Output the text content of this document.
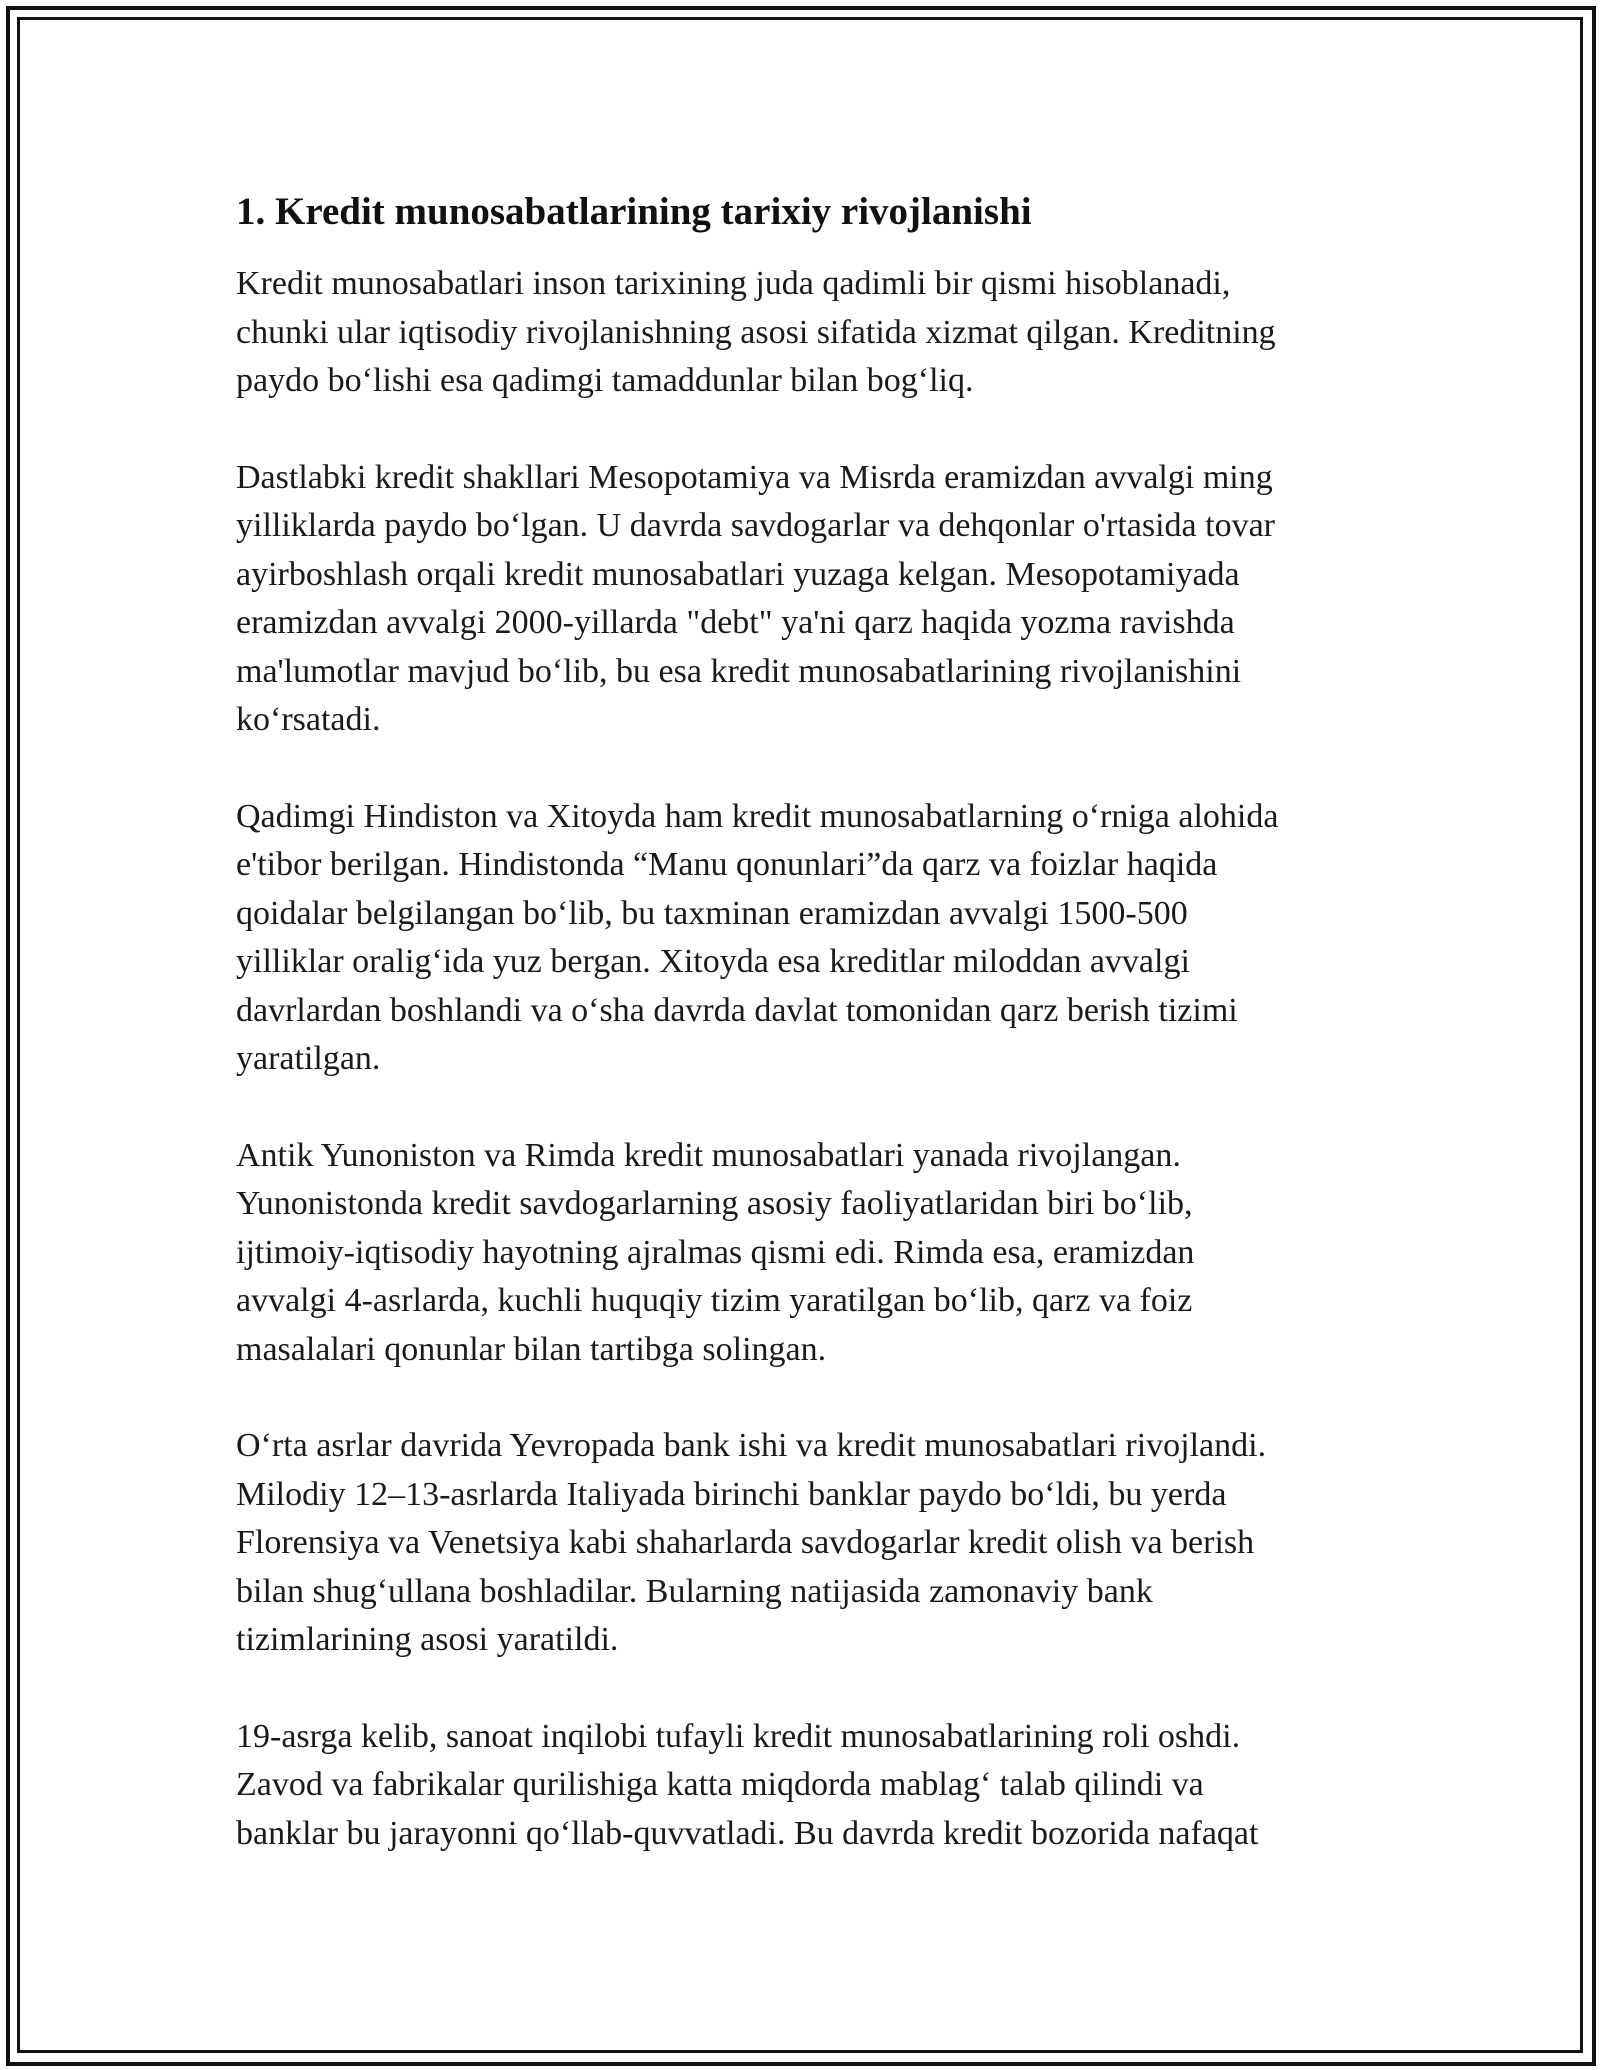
1. Kredit munosabatlarining tarixiy rivojlanishi

Kredit munosabatlari inson tarixining juda qadimli bir qismi hisoblanadi,
chunki ular iqtisodiy rivojlanishning asosi sifatida xizmat qilgan. Kreditning
paydo bo‘lishi esa qadimgi tamaddunlar bilan bog‘liq.

Dastlabki kredit shakllari Mesopotamiya va Misrda eramizdan avvalgi ming
yilliklarda paydo bo‘lgan. U davrda savdogarlar va dehqonlar o'rtasida tovar
ayirboshlash orqali kredit munosabatlari yuzaga kelgan. Mesopotamiyada
eramizdan avvalgi 2000-yillarda "debt" ya'ni qarz haqida yozma ravishda
ma'lumotlar mavjud bo‘lib, bu esa kredit munosabatlarining rivojlanishini
ko‘rsatadi.

Qadimgi Hindiston va Xitoyda ham kredit munosabatlarning o‘rniga alohida
e'tibor berilgan. Hindistonda “Manu qonunlari”da qarz va foizlar haqida
qoidalar belgilangan bo‘lib, bu taxminan eramizdan avvalgi 1500-500
yilliklar oralig‘ida yuz bergan. Xitoyda esa kreditlar miloddan avvalgi
davrlardan boshlandi va o‘sha davrda davlat tomonidan qarz berish tizimi
yaratilgan.

Antik Yunoniston va Rimda kredit munosabatlari yanada rivojlangan.
Yunonistonda kredit savdogarlarning asosiy faoliyatlaridan biri bo‘lib,
ijtimoiy-iqtisodiy hayotning ajralmas qismi edi. Rimda esa, eramizdan
avvalgi 4-asrlarda, kuchli huquqiy tizim yaratilgan bo‘lib, qarz va foiz
masalalari qonunlar bilan tartibga solingan.

O‘rta asrlar davrida Yevropada bank ishi va kredit munosabatlari rivojlandi.
Milodiy 12–13-asrlarda Italiyada birinchi banklar paydo bo‘ldi, bu yerda
Florensiya va Venetsiya kabi shaharlarda savdogarlar kredit olish va berish
bilan shug‘ullana boshladilar. Bularning natijasida zamonaviy bank
tizimlarining asosi yaratildi.

19-asrga kelib, sanoat inqilobi tufayli kredit munosabatlarining roli oshdi.
Zavod va fabrikalar qurilishiga katta miqdorda mablag‘ talab qilindi va
banklar bu jarayonni qo‘llab-quvvatladi. Bu davrda kredit bozorida nafaqat
